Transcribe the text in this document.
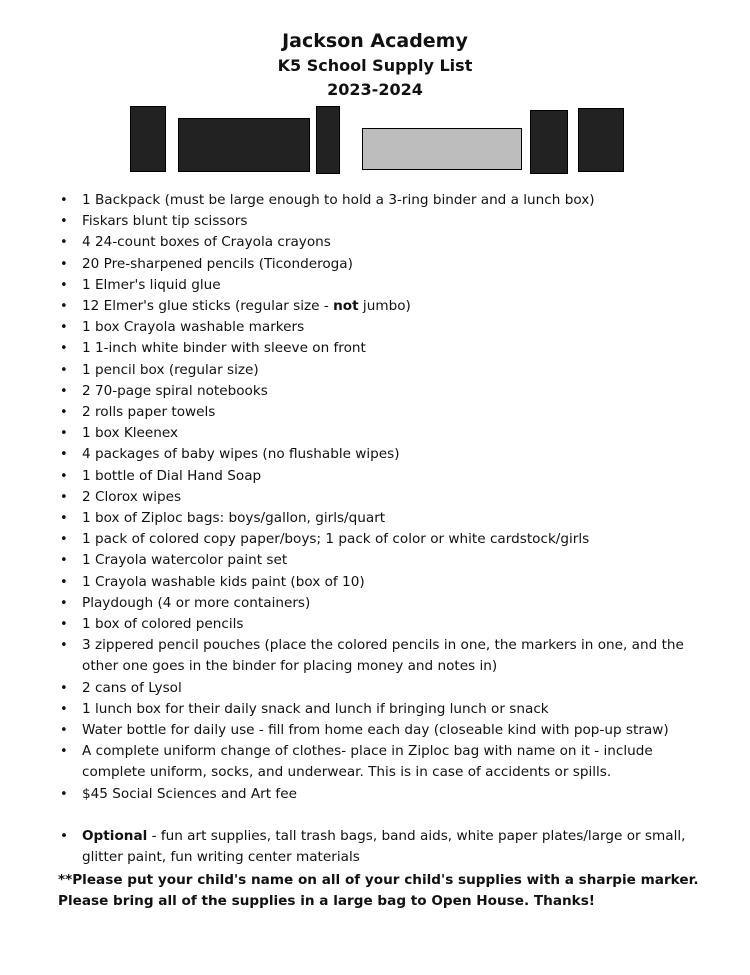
Jackson Academy
K5 School Supply List
2023-2024
• 1 Backpack (must be large enough to hold a 3-ring binder and a lunch box)
• Fiskars blunt tip scissors
• 4 24-count boxes of Crayola crayons
• 20 Pre-sharpened pencils (Ticonderoga)
• 1 Elmer's liquid glue
• 12 Elmer's glue sticks (regular size - not jumbo)
• 1 box Crayola washable markers
• 1 1-inch white binder with sleeve on front
• 1 pencil box (regular size)
• 2 70-page spiral notebooks
• 2 rolls paper towels
• 1 box Kleenex
• 4 packages of baby wipes (no flushable wipes)
• 1 bottle of Dial Hand Soap
• 2 Clorox wipes
• 1 box of Ziploc bags: boys/gallon, girls/quart
• 1 pack of colored copy paper/boys; 1 pack of color or white cardstock/girls
• 1 Crayola watercolor paint set
• 1 Crayola washable kids paint (box of 10)
• Playdough (4 or more containers)
• 1 box of colored pencils
• 3 zippered pencil pouches (place the colored pencils in one, the markers in one, and the other one goes in the binder for placing money and notes in)
• 2 cans of Lysol
• 1 lunch box for their daily snack and lunch if bringing lunch or snack
• Water bottle for daily use - fill from home each day (closeable kind with pop-up straw)
• A complete uniform change of clothes- place in Ziploc bag with name on it - include complete uniform, socks, and underwear. This is in case of accidents or spills.
• $45 Social Sciences and Art fee
• Optional - fun art supplies, tall trash bags, band aids, white paper plates/large or small, glitter paint, fun writing center materials
**Please put your child's name on all of your child's supplies with a sharpie marker.
Please bring all of the supplies in a large bag to Open House. Thanks!
